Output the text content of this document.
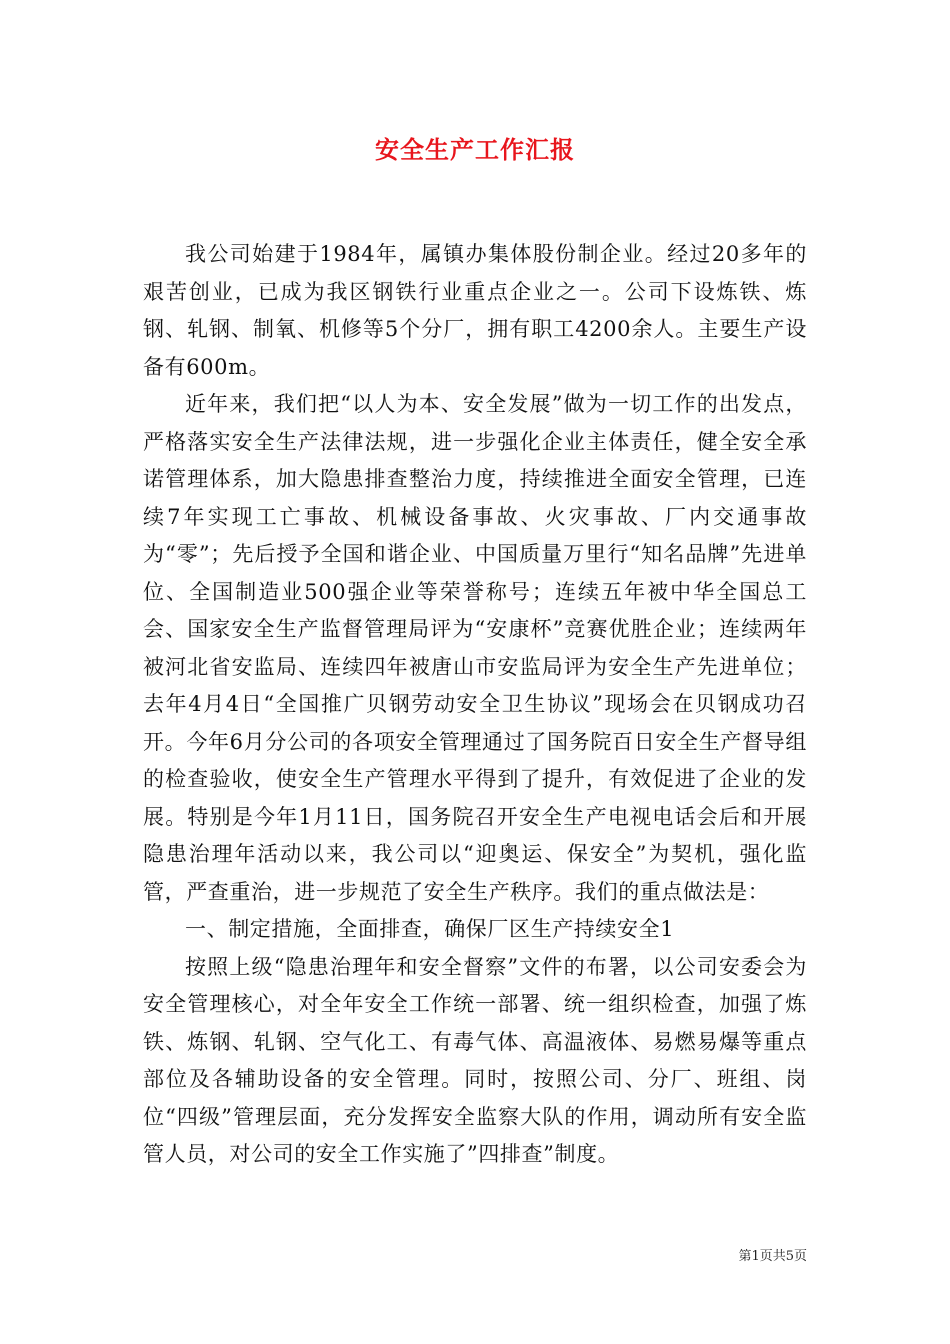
安全生产工作汇报

我公司始建于1984年，属镇办集体股份制企业。经过20多年的艰苦创业，已成为我区钢铁行业重点企业之一。公司下设炼铁、炼钢、轧钢、制氧、机修等5个分厂，拥有职工4200余人。主要生产设备有600m。

近年来，我们把“以人为本、安全发展”做为一切工作的出发点，严格落实安全生产法律法规，进一步强化企业主体责任，健全安全承诺管理体系，加大隐患排查整治力度，持续推进全面安全管理，已连续7年实现工亡事故、机械设备事故、火灾事故、厂内交通事故为“零”；先后授予全国和谐企业、中国质量万里行“知名品牌”先进单位、全国制造业500强企业等荣誉称号；连续五年被中华全国总工会、国家安全生产监督管理局评为“安康杯”竞赛优胜企业；连续两年被河北省安监局、连续四年被唐山市安监局评为安全生产先进单位；去年4月4日“全国推广贝钢劳动安全卫生协议”现场会在贝钢成功召开。今年6月分公司的各项安全管理通过了国务院百日安全生产督导组的检查验收，使安全生产管理水平得到了提升，有效促进了企业的发展。特别是今年1月11日，国务院召开安全生产电视电话会后和开展隐患治理年活动以来，我公司以“迎奥运、保安全”为契机，强化监管，严查重治，进一步规范了安全生产秩序。我们的重点做法是：

一、制定措施，全面排查，确保厂区生产持续安全1

按照上级“隐患治理年和安全督察”文件的布署，以公司安委会为安全管理核心，对全年安全工作统一部署、统一组织检查，加强了炼铁、炼钢、轧钢、空气化工、有毒气体、高温液体、易燃易爆等重点部位及各辅助设备的安全管理。同时，按照公司、分厂、班组、岗位“四级”管理层面，充分发挥安全监察大队的作用，调动所有安全监管人员，对公司的安全工作实施了”四排查”制度。

第1页共5页
